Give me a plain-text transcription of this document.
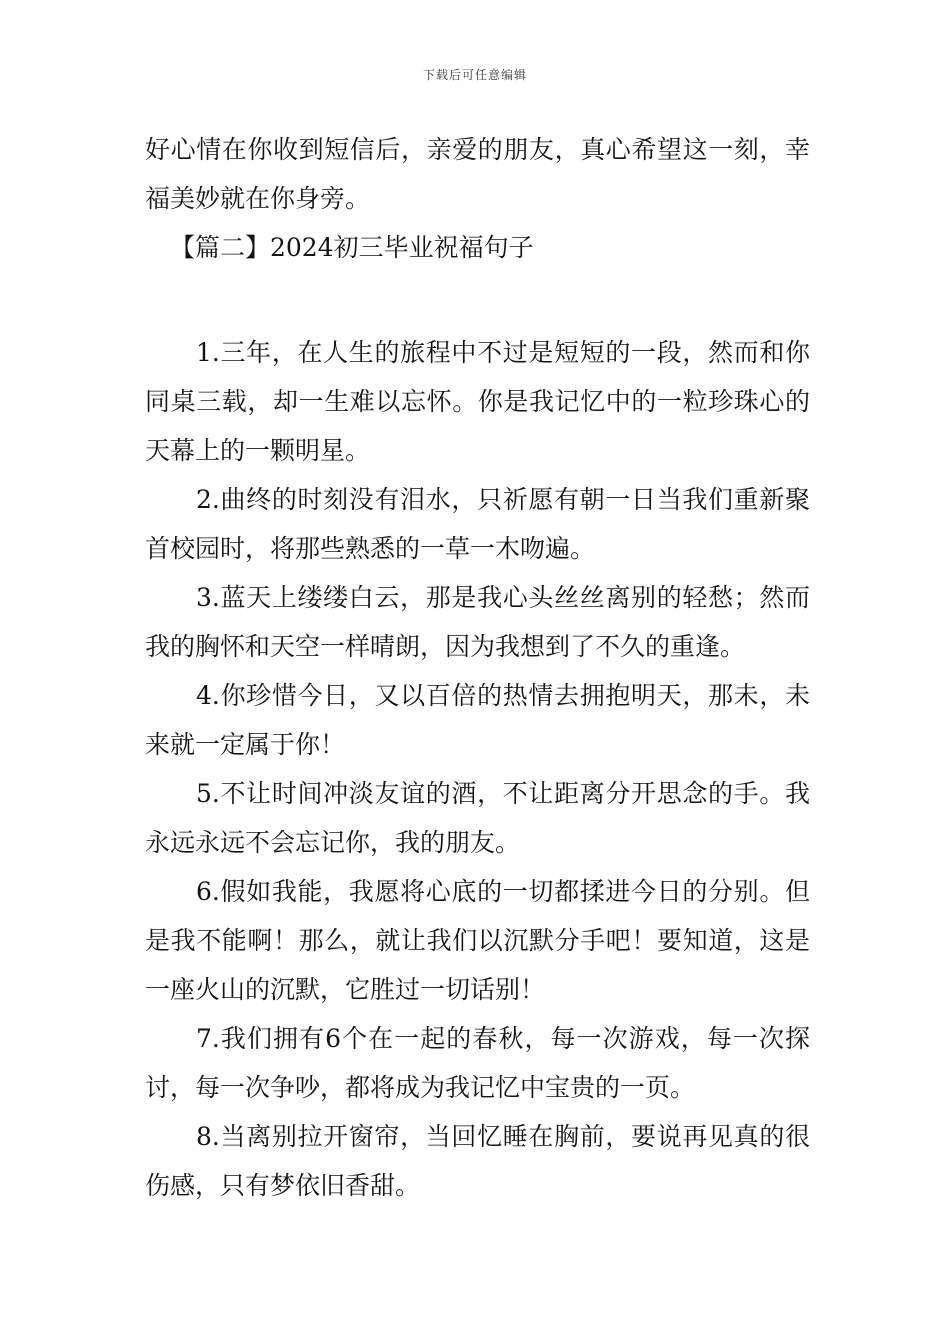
下载后可任意编辑

好心情在你收到短信后，亲爱的朋友，真心希望这一刻，幸福美妙就在你身旁。

【篇二】2024初三毕业祝福句子

1.三年，在人生的旅程中不过是短短的一段，然而和你同桌三载，却一生难以忘怀。你是我记忆中的一粒珍珠心的天幕上的一颗明星。

2.曲终的时刻没有泪水，只祈愿有朝一日当我们重新聚首校园时，将那些熟悉的一草一木吻遍。

3.蓝天上缕缕白云，那是我心头丝丝离别的轻愁；然而我的胸怀和天空一样晴朗，因为我想到了不久的重逢。

4.你珍惜今日，又以百倍的热情去拥抱明天，那未，未来就一定属于你！

5.不让时间冲淡友谊的酒，不让距离分开思念的手。我永远永远不会忘记你，我的朋友。

6.假如我能，我愿将心底的一切都揉进今日的分别。但是我不能啊！那么，就让我们以沉默分手吧！要知道，这是一座火山的沉默，它胜过一切话别！

7.我们拥有6个在一起的春秋，每一次游戏，每一次探讨，每一次争吵，都将成为我记忆中宝贵的一页。

8.当离别拉开窗帘，当回忆睡在胸前，要说再见真的很伤感，只有梦依旧香甜。
